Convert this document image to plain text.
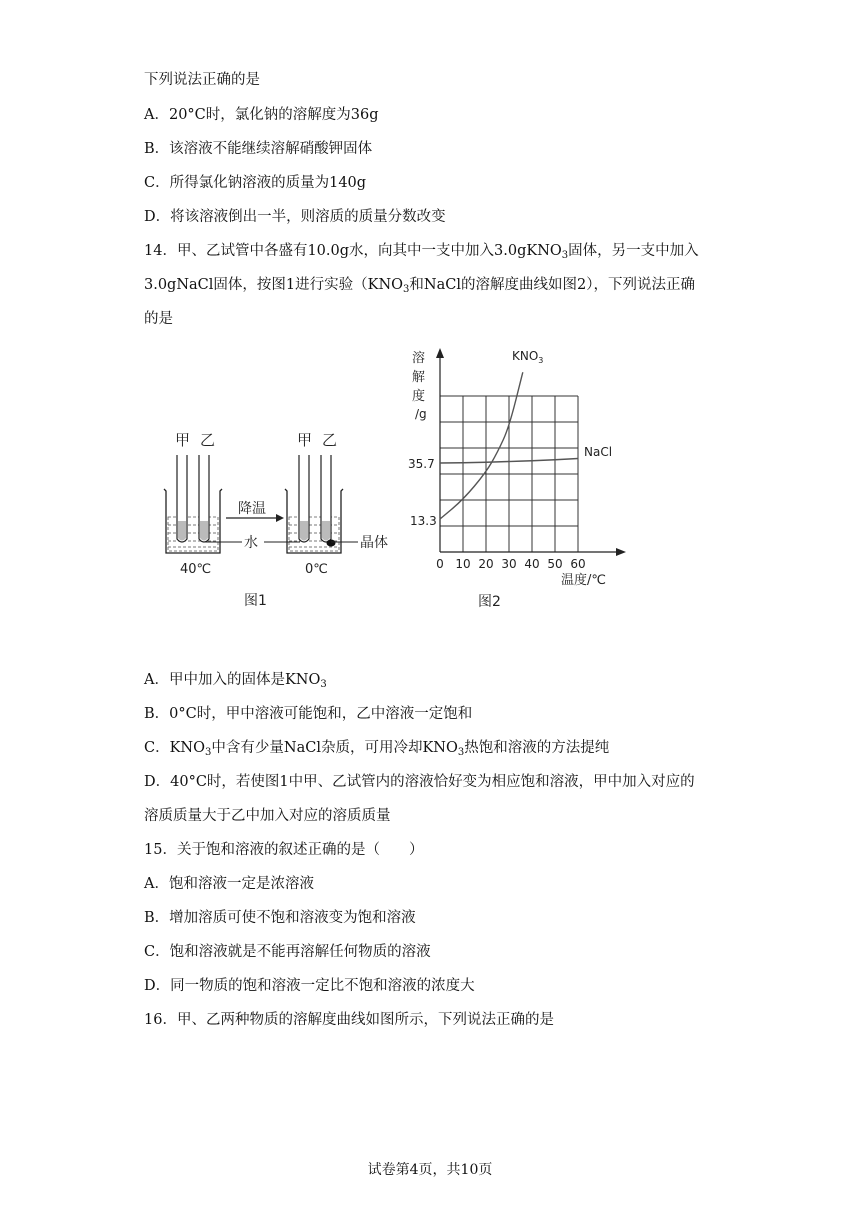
下列说法正确的是
A．20°C时，氯化钠的溶解度为36g
B．该溶液不能继续溶解硝酸钾固体
C．所得氯化钠溶液的质量为140g
D．将该溶液倒出一半，则溶质的质量分数改变
14．甲、乙试管中各盛有10.0g水，向其中一支中加入3.0gKNO$_3$固体，另一支中加入
3.0gNaCl固体，按图1进行实验（$KNO_3$和NaCl的溶解度曲线如图2），下列说法正确
的是
甲 乙	甲 乙
降温
水	晶体
40℃	0℃
图1
溶
解
度
/g
0 10 20 30 40 50 60
35.7
13.3
$KNO_3$
NaCl
温度/℃
图2
A．甲中加入的固体是$KNO_3$
B．0°C时，甲中溶液可能饱和，乙中溶液一定饱和
C．$KNO_3$中含有少量NaCl杂质，可用冷却$KNO_3$热饱和溶液的方法提纯
D．40°C时，若使图1中甲、乙试管内的溶液恰好变为相应饱和溶液，甲中加入对应的
溶质质量大于乙中加入对应的溶质质量
15．关于饱和溶液的叙述正确的是（　　）
A．饱和溶液一定是浓溶液
B．增加溶质可使不饱和溶液变为饱和溶液
C．饱和溶液就是不能再溶解任何物质的溶液
D．同一物质的饱和溶液一定比不饱和溶液的浓度大
16．甲、乙两种物质的溶解度曲线如图所示，下列说法正确的是
试卷第4页，共10页
